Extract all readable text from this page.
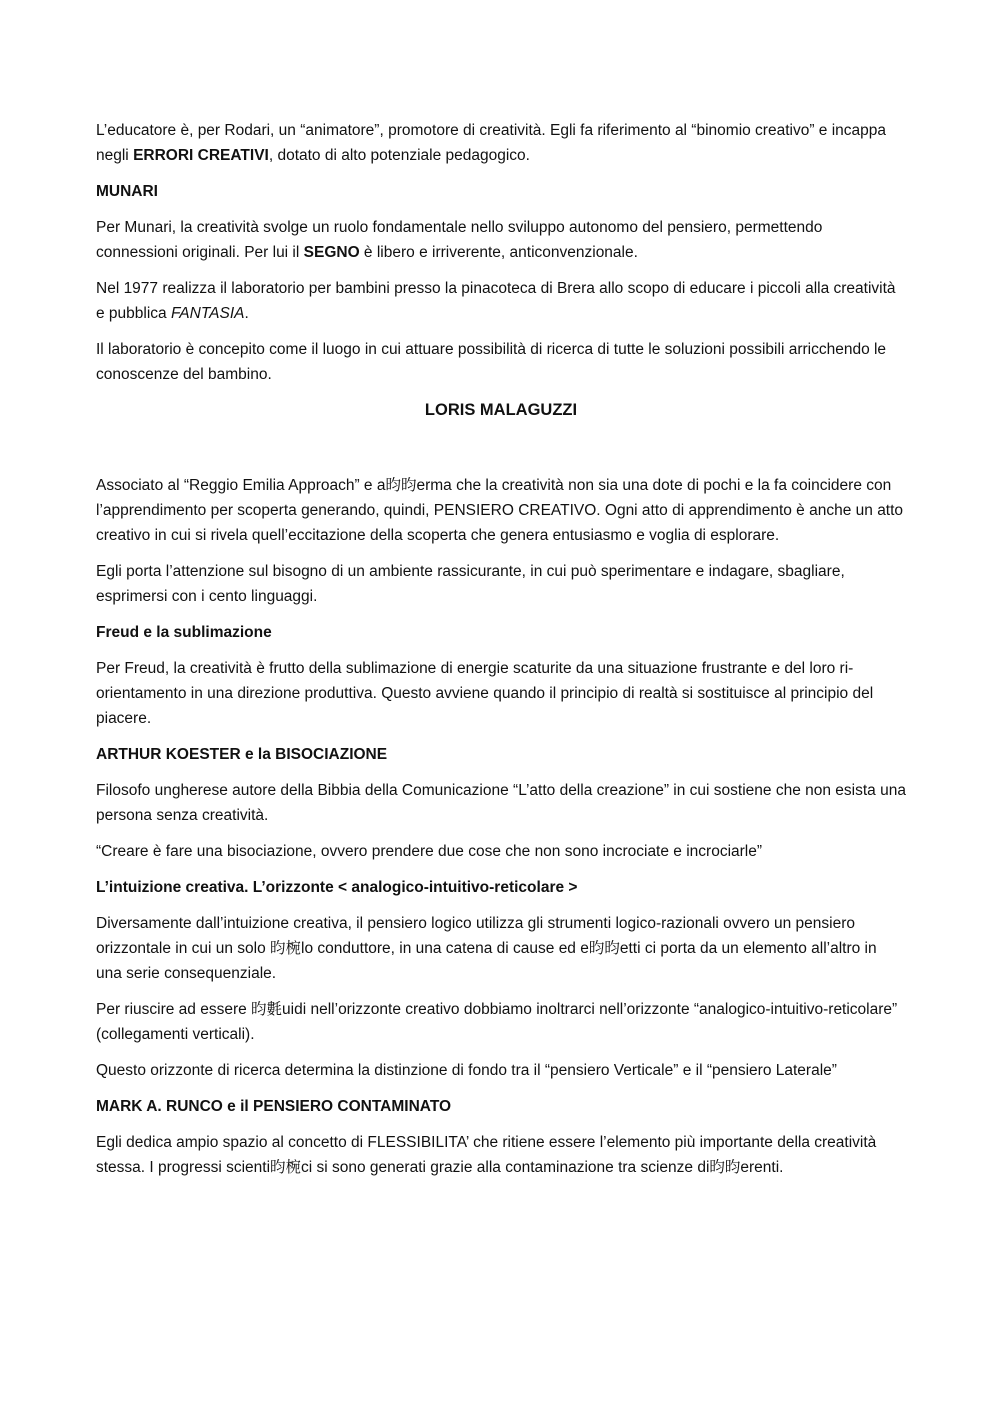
L’educatore è, per Rodari, un “animatore”, promotore di creatività. Egli fa riferimento al “binomio creativo” e incappa negli ERRORI CREATIVI, dotato di alto potenziale pedagogico.

MUNARI

Per Munari, la creatività svolge un ruolo fondamentale nello sviluppo autonomo del pensiero, permettendo connessioni originali. Per lui il SEGNO è libero e irriverente, anticonvenzionale.

Nel 1977 realizza il laboratorio per bambini presso la pinacoteca di Brera allo scopo di educare i piccoli alla creatività e pubblica FANTASIA.

Il laboratorio è concepito come il luogo in cui attuare possibilità di ricerca di tutte le soluzioni possibili arricchendo le conoscenze del bambino.

LORIS MALAGUZZI

Associato al “Reggio Emilia Approach” e a昀昀erma che la creatività non sia una dote di pochi e la fa coincidere con l’apprendimento per scoperta generando, quindi, PENSIERO CREATIVO. Ogni atto di apprendimento è anche un atto creativo in cui si rivela quell’eccitazione della scoperta che genera entusiasmo e voglia di esplorare.

Egli porta l’attenzione sul bisogno di un ambiente rassicurante, in cui può sperimentare e indagare, sbagliare, esprimersi con i cento linguaggi.

Freud e la sublimazione

Per Freud, la creatività è frutto della sublimazione di energie scaturite da una situazione frustrante e del loro ri-orientamento in una direzione produttiva. Questo avviene quando il principio di realtà si sostituisce al principio del piacere.

ARTHUR KOESTER e la BISOCIAZIONE

Filosofo ungherese autore della Bibbia della Comunicazione “L’atto della creazione” in cui sostiene che non esista una persona senza creatività.

“Creare è fare una bisociazione, ovvero prendere due cose che non sono incrociate e incrociarle”

L’intuizione creativa. L’orizzonte < analogico-intuitivo-reticolare >

Diversamente dall’intuizione creativa, il pensiero logico utilizza gli strumenti logico-razionali ovvero un pensiero orizzontale in cui un solo 昀椀lo conduttore, in una catena di cause ed e昀昀etti ci porta da un elemento all’altro in una serie consequenziale.

Per riuscire ad essere 昀氀uidi nell’orizzonte creativo dobbiamo inoltrarci nell’orizzonte “analogico-intuitivo-reticolare” (collegamenti verticali).

Questo orizzonte di ricerca determina la distinzione di fondo tra il “pensiero Verticale” e il “pensiero Laterale”

MARK A. RUNCO e il PENSIERO CONTAMINATO

Egli dedica ampio spazio al concetto di FLESSIBILITA’ che ritiene essere l’elemento più importante della creatività stessa. I progressi scienti昀椀ci si sono generati grazie alla contaminazione tra scienze di昀昀erenti.
